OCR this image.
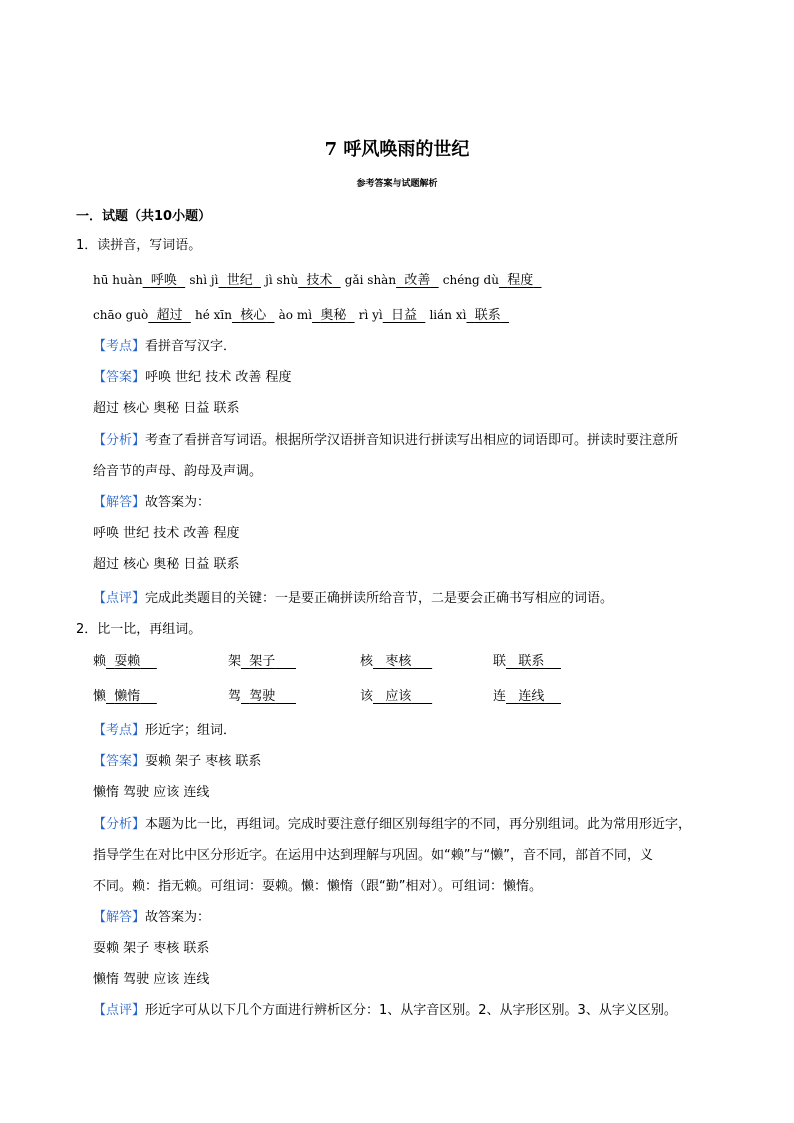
7 呼风唤雨的世纪
参考答案与试题解析
一．试题（共10小题）
1．读拼音，写词语。
hū huàn 呼唤 shì jì 世纪 jì shù 技术 gǎi shàn 改善 chéng dù 程度
chāo guò 超过 hé xīn 核心 ào mì 奥秘 rì yì 日益 lián xì 联系
【考点】看拼音写汉字．
【答案】呼唤 世纪 技术 改善 程度
超过 核心 奥秘 日益 联系
【分析】考查了看拼音写词语。根据所学汉语拼音知识进行拼读写出相应的词语即可。拼读时要注意所
给音节的声母、韵母及声调。
【解答】故答案为：
呼唤 世纪 技术 改善 程度
超过 核心 奥秘 日益 联系
【点评】完成此类题目的关键：一是要正确拼读所给音节，二是要会正确书写相应的词语。
2．比一比，再组词。
赖 耍赖	架 架子	核 枣核	联 联系
懒 懒惰	驾 驾驶	该 应该	连 连线
【考点】形近字；组词．
【答案】耍赖 架子 枣核 联系
懒惰 驾驶 应该 连线
【分析】本题为比一比，再组词。完成时要注意仔细区别每组字的不同，再分别组词。此为常用形近字，
指导学生在对比中区分形近字。在运用中达到理解与巩固。如“赖”与“懒”，音不同，部首不同，义
不同。赖：指无赖。可组词：耍赖。懒：懒惰（跟“勤”相对）。可组词：懒惰。
【解答】故答案为：
耍赖 架子 枣核 联系
懒惰 驾驶 应该 连线
【点评】形近字可从以下几个方面进行辨析区分：1、从字音区别。2、从字形区别。3、从字义区别。
